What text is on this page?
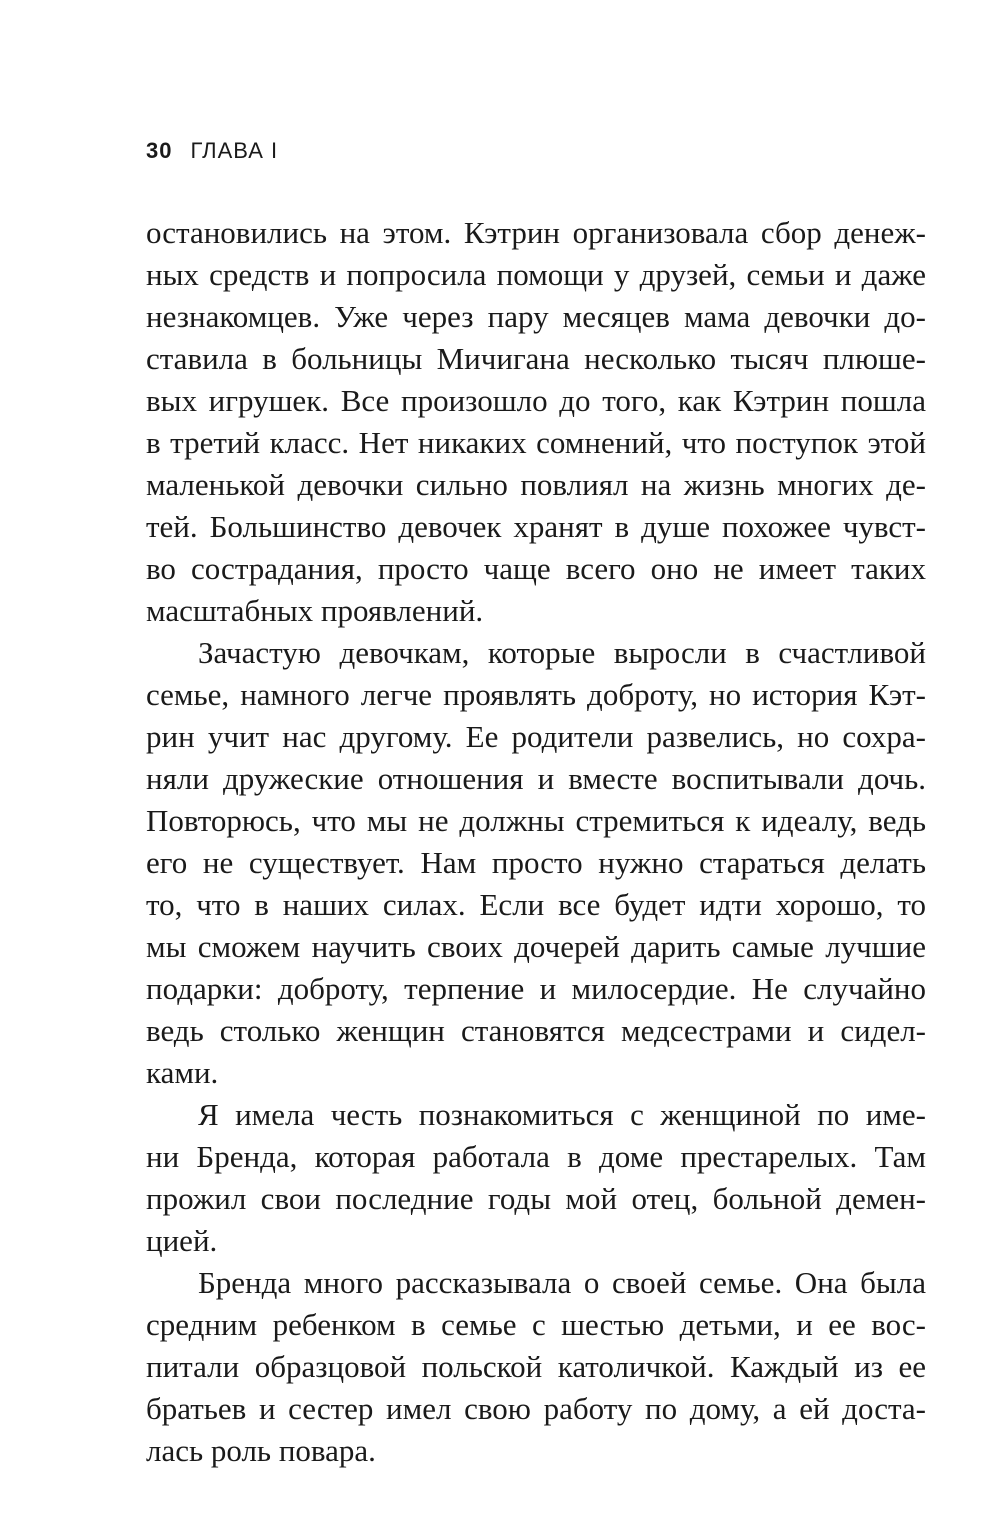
30 ГЛАВА І
остановились на этом. Кэтрин организовала сбор денеж-
ных средств и попросила помощи у друзей, семьи и даже
незнакомцев. Уже через пару месяцев мама девочки до-
ставила в больницы Мичигана несколько тысяч плюше-
вых игрушек. Все произошло до того, как Кэтрин пошла
в третий класс. Нет никаких сомнений, что поступок этой
маленькой девочки сильно повлиял на жизнь многих де-
тей. Большинство девочек хранят в душе похожее чувст-
во сострадания, просто чаще всего оно не имеет таких
масштабных проявлений.
Зачастую девочкам, которые выросли в счастливой
семье, намного легче проявлять доброту, но история Кэт-
рин учит нас другому. Ее родители развелись, но сохра-
няли дружеские отношения и вместе воспитывали дочь.
Повторюсь, что мы не должны стремиться к идеалу, ведь
его не существует. Нам просто нужно стараться делать
то, что в наших силах. Если все будет идти хорошо, то
мы сможем научить своих дочерей дарить самые лучшие
подарки: доброту, терпение и милосердие. Не случайно
ведь столько женщин становятся медсестрами и сидел-
ками.
Я имела честь познакомиться с женщиной по име-
ни Бренда, которая работала в доме престарелых. Там
прожил свои последние годы мой отец, больной демен-
цией.
Бренда много рассказывала о своей семье. Она была
средним ребенком в семье с шестью детьми, и ее вос-
питали образцовой польской католичкой. Каждый из ее
братьев и сестер имел свою работу по дому, а ей доста-
лась роль повара.
